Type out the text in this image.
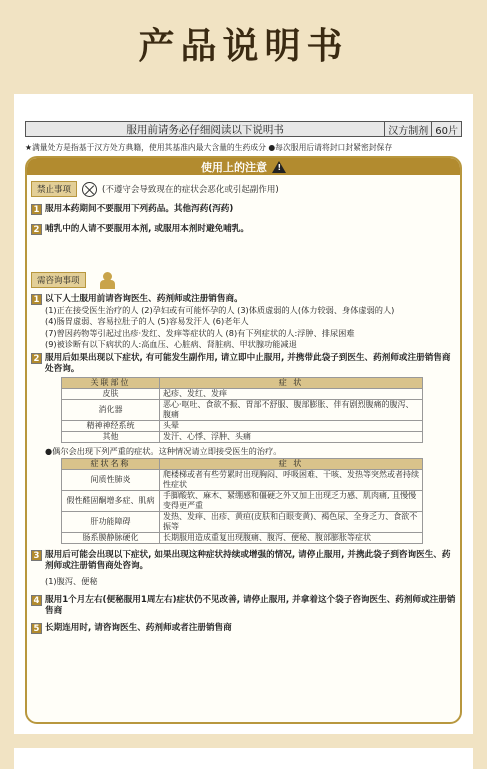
产品说明书
服用前请务必仔细阅读以下说明书	汉方制剂 60片
★满量处方是指基于汉方处方典籍，使用其基准内最大含量的生药成分 ●每次服用后请将封口封紧密封保存
使用上的注意 !
禁止事项	(不遵守会导致现在的症状会恶化或引起副作用)
1 服用本药期间不要服用下列药品。其他泻药(泻药)
2 哺乳中的人请不要服用本剂, 或服用本剂时避免哺乳。
需咨询事项
1 以下人士服用前请咨询医生、药剂师或注册销售商。
(1)正在接受医生治疗的人 (2)孕妇或有可能怀孕的人 (3)体质虚弱的人(体力较弱、身体虚弱的人)
(4)肠胃虚弱、容易拉肚子的人 (5)容易发汗人 (6)老年人
(7)曾因药物等引起过出疹·发红、发痒等症状的人 (8)有下列症状的人:浮肿、排尿困难
(9)被诊断有以下病状的人:高血压、心脏病、肾脏病、甲状腺功能减退
2 服用后如果出现以下症状, 有可能发生副作用, 请立即中止服用, 并携带此袋子到医生、药剂师或注册销售商处咨询。
关联部位	症 状
皮肤	起疹、发红、发痒
消化器	恶心·呕吐、食欲不振、胃部不舒服、腹部膨胀、伴有剧烈腹痛的腹泻、腹痛
精神神经系统	头晕
其他	发汗、心悸、浮肿、头痛
●偶尔会出现下列严重的症状。这种情况请立即接受医生的治疗。
症状名称	症 状
间质性肺炎	爬楼梯或者有些劳累时出现胸闷、呼吸困难、干咳、发热等突然或者持续性症状
假性醛固酮增多症、肌病	手脚酸软、麻木、紧绷感和僵硬之外又加上出现乏力感、肌肉痛, 且慢慢变得更严重
肝功能障碍	发热、发痒、出疹、黄疸(皮肤和白眼变黄)、褐色尿、全身乏力、食欲不振等
肠系膜静脉硬化	长期服用造成重复出现腹痛、腹泻、便秘、腹部膨胀等症状
3 服用后可能会出现以下症状, 如果出现这种症状持续或增强的情况, 请停止服用, 并携此袋子到咨询医生、药剂师或注册销售商处咨询。
(1)腹泻、便秘
4 服用1个月左右(便秘服用1周左右)症状仍不见改善, 请停止服用, 并拿着这个袋子咨询医生、药剂师或注册销售商
5 长期连用时, 请咨询医生、药剂师或者注册销售商
